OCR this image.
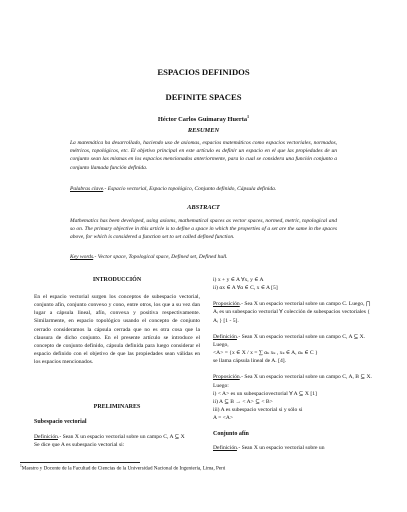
ESPACIOS DEFINIDOS

DEFINITE SPACES

Héctor Carlos Guimaray Huerta$^1$

RESUMEN

La matemática ha desarrollado, haciendo uso de axiomas, espacios matemáticos como espacios vectoriales, normados, métricos, topológicos, etc. El objetivo principal en este artículo es definir un espacio en el que las propiedades de un conjunto sean las mismas en los espacios mencionados anteriormente, para lo cual se considera una función conjunto a conjunto llamada función definida.

Palabras clave.- Espacio vectorial, Espacio topológico, Conjunto definido, Cápsula definida.

ABSTRACT

Mathematics has been developed, using axioms, mathematical spaces as vector spaces, normed, metric, topological and so on. The primary objective in this article is to define a space in which the properties of a set are the same in the spaces above, for which is considered a function set to set called defined function.

Key words.- Vector space, Topological space, Defined set, Defined hull.

INTRODUCCIÓN

En el espacio vectorial surgen los conceptos de subespacio vectorial, conjunto afín, conjunto convexo y cono, entre otros, los que a su vez dan lugar a cápsula lineal, afín, convexa y positiva respectivamente. Similarmente, en espacio topológico usando el concepto de conjunto cerrado consideramos la cápsula cerrada que no es otra cosa que la clausura de dicho conjunto. En el presente artículo se introduce el concepto de conjunto definido, cápsula definida para luego considerar el espacio definido con el objetivo de que las propiedades sean válidas en los espacios mencionados.

PRELIMINARES

Subespacio vectorial

Definición.- Sean X un espacio vectorial sobre un campo C, A ⊆ X

Se dice que A es subespacio vectorial si:

i) x + y ∈ A ∀x, y ∈ A

ii) αx ∈ A ∀α ∈ C, x ∈ A [5]

Proposición.- Sea X un espacio vectorial sobre un campo C. Luego, ⋂ Aᵢ es un subespacio vectorial ∀ colección de subespacios vectoriales { Aᵢ } [1 - 5].

Definición.- Sean X un espacio vectorial sobre un campo C, A ⊆ X. Luego,

<A> = {x ∈ X / x = ∑ αₖ xₖ , xₖ ∈ A, αₖ ∈ C }

se llama cápsula lineal de A. [4].

Proposición.- Sea X un espacio vectorial sobre un campo C, A, B ⊆ X. Luego:

i) < A> es un subespaciovectorial ∀ A ⊆ X [1]

ii) A ⊆ B → < A> ⊆ < B>

iii) A es subespacio vectorial si y sólo si

A = <A>

Conjunto afín

Definición.- Sean X un espacio vectorial sobre un

$^1$Maestro y Docente de la Facultad de Ciencias de la Universidad Nacional de Ingeniería, Lima, Perú
